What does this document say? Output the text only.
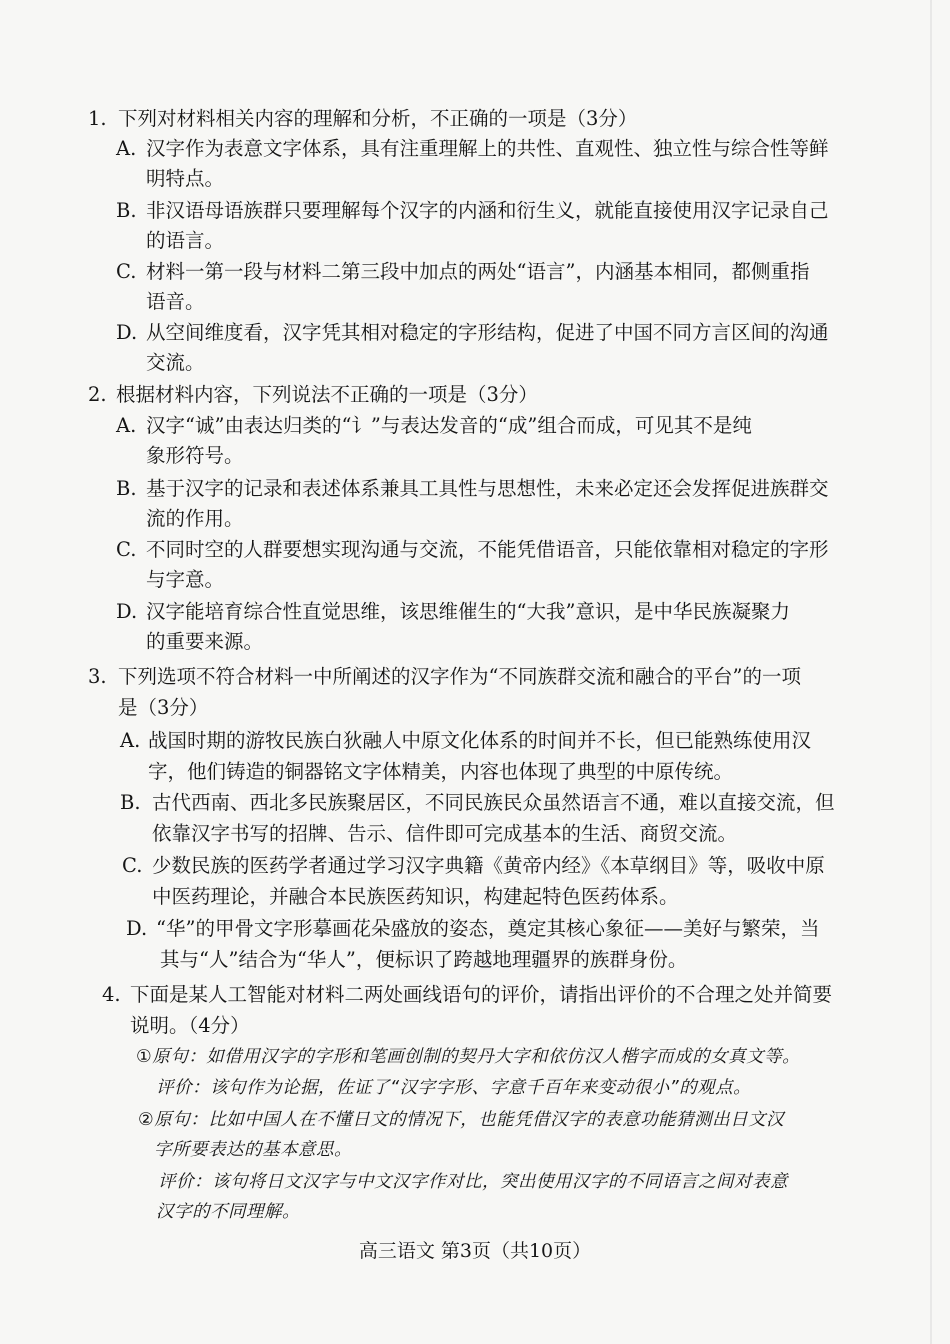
1. 下列对材料相关内容的理解和分析，不正确的一项是（3分）
A. 汉字作为表意文字体系，具有注重理解上的共性、直观性、独立性与综合性等鲜
明特点。
B. 非汉语母语族群只要理解每个汉字的内涵和衍生义，就能直接使用汉字记录自己
的语言。
C. 材料一第一段与材料二第三段中加点的两处“语言”，内涵基本相同，都侧重指
语音。
D. 从空间维度看，汉字凭其相对稳定的字形结构，促进了中国不同方言区间的沟通
交流。
2. 根据材料内容，下列说法不正确的一项是（3分）
A. 汉字“诚”由表达归类的“讠”与表达发音的“成”组合而成，可见其不是纯
象形符号。
B. 基于汉字的记录和表述体系兼具工具性与思想性，未来必定还会发挥促进族群交
流的作用。
C. 不同时空的人群要想实现沟通与交流，不能凭借语音，只能依靠相对稳定的字形
与字意。
D. 汉字能培育综合性直觉思维，该思维催生的“大我”意识，是中华民族凝聚力
的重要来源。
3. 下列选项不符合材料一中所阐述的汉字作为“不同族群交流和融合的平台”的一项
是（3分）
A. 战国时期的游牧民族白狄融人中原文化体系的时间并不长，但已能熟练使用汉
字，他们铸造的铜器铭文字体精美，内容也体现了典型的中原传统。
B. 古代西南、西北多民族聚居区，不同民族民众虽然语言不通，难以直接交流，但
依靠汉字书写的招牌、告示、信件即可完成基本的生活、商贸交流。
C. 少数民族的医药学者通过学习汉字典籍《黄帝内经》《本草纲目》等，吸收中原
中医药理论，并融合本民族医药知识，构建起特色医药体系。
D. “华”的甲骨文字形摹画花朵盛放的姿态，奠定其核心象征——美好与繁荣，当
其与“人”结合为“华人”，便标识了跨越地理疆界的族群身份。
4. 下面是某人工智能对材料二两处画线语句的评价，请指出评价的不合理之处并简要
说明。（4分）
①原句：如借用汉字的字形和笔画创制的契丹大字和依仿汉人楷字而成的女真文等。
评价：该句作为论据，佐证了“汉字字形、字意千百年来变动很小”的观点。
②原句：比如中国人在不懂日文的情况下，也能凭借汉字的表意功能猜测出日文汉
字所要表达的基本意思。
评价：该句将日文汉字与中文汉字作对比，突出使用汉字的不同语言之间对表意
汉字的不同理解。
高三语文 第3页（共10页）
